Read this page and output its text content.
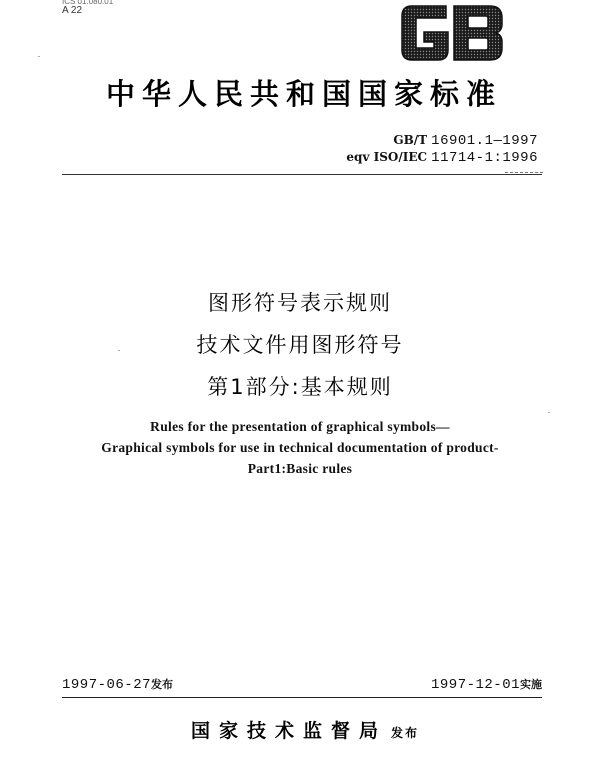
ICS 01.080.01
A 22
中华人民共和国国家标准
GB/T 16901.1—1997
eqv ISO/IEC 11714-1:1996
图形符号表示规则
技术文件用图形符号
第1部分:基本规则
Rules for the presentation of graphical symbols—
Graphical symbols for use in technical documentation of product-
Part1:Basic rules
1997-06-27发布	1997-12-01实施
国家技术监督局 发布
